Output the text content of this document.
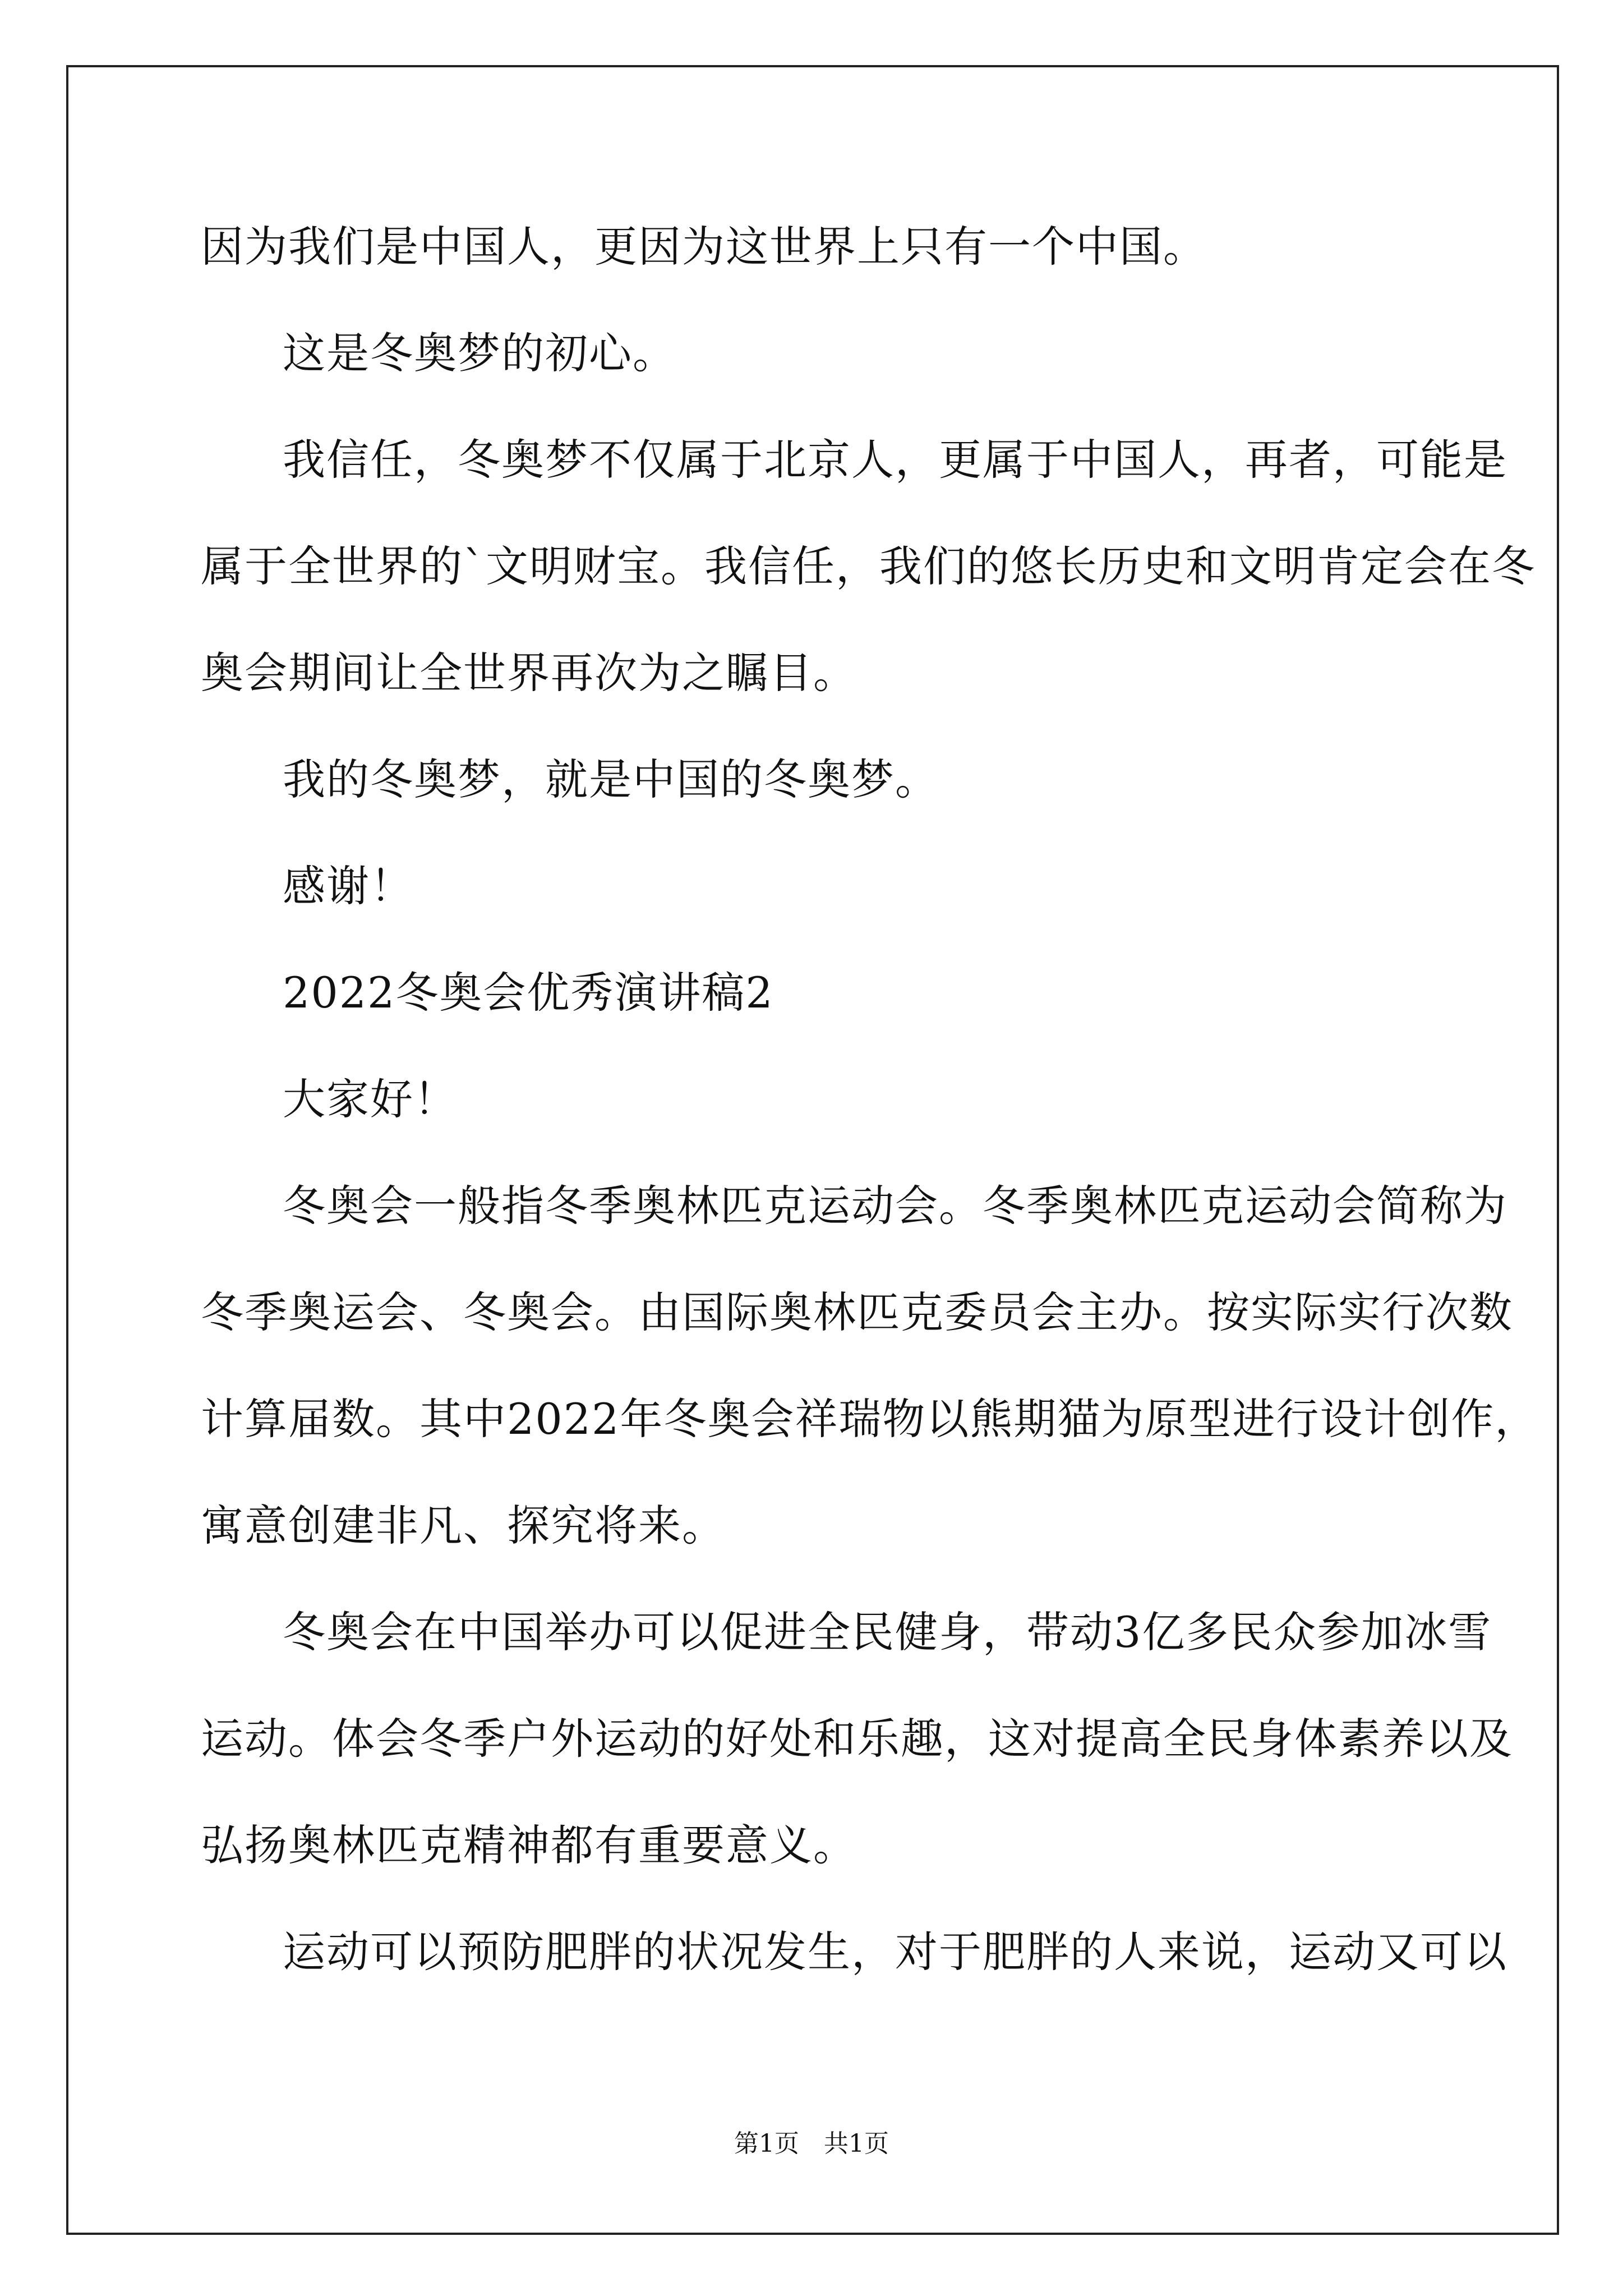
因为我们是中国人，更因为这世界上只有一个中国。
这是冬奥梦的初心。
我信任，冬奥梦不仅属于北京人，更属于中国人，再者，可能是
属于全世界的`文明财宝。我信任，我们的悠长历史和文明肯定会在冬
奥会期间让全世界再次为之瞩目。
我的冬奥梦，就是中国的冬奥梦。
感谢！
2022冬奥会优秀演讲稿2
大家好！
冬奥会一般指冬季奥林匹克运动会。冬季奥林匹克运动会简称为
冬季奥运会、冬奥会。由国际奥林匹克委员会主办。按实际实行次数
计算届数。其中2022年冬奥会祥瑞物以熊期猫为原型进行设计创作，
寓意创建非凡、探究将来。
冬奥会在中国举办可以促进全民健身，带动3亿多民众参加冰雪
运动。体会冬季户外运动的好处和乐趣，这对提高全民身体素养以及
弘扬奥林匹克精神都有重要意义。
运动可以预防肥胖的状况发生，对于肥胖的人来说，运动又可以
第1页　共1页
